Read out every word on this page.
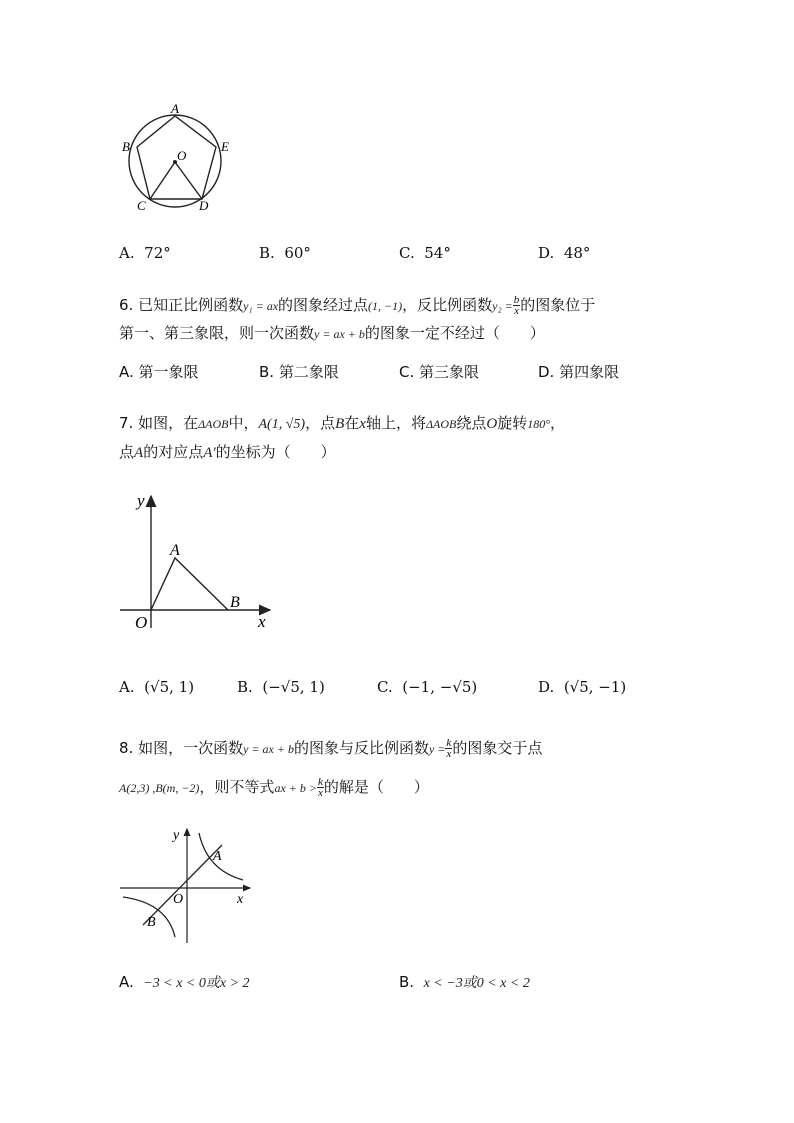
A
B	E
O
C	D
A. 72°	B. 60°	C. 54°	D. 48°
6. 已知正比例函数y₁ = ax的图象经过点(1, −1)，反比例函数$y_2 = \frac{b}{x}$ 的图象位于
第一、第三象限，则一次函数y = ax + b的图象一定不经过（　　）
A. 第一象限	B. 第二象限	C. 第三象限	D. 第四象限
7. 如图，在ΔAOB中，A(1, √5)，点B在x轴上，将ΔAOB绕点O旋转180°，
点A的对应点A′的坐标为（　　）
y
A
B
O	x
A. (√5, 1)	B. (−√5, 1)	C. (−1, −√5)	D. (√5, −1)
8. 如图，一次函数y = ax + b的图象与反比例函数$y = \frac{k}{x}$ 的图象交于点
A(2,3) ,B(m, −2)，则不等式ax + $b > \frac{k}{x}$ 的解是（　　）
y
A
O	x
B
A. −3 < x < 0或x > 2	B. x < −3或0 < x < 2
